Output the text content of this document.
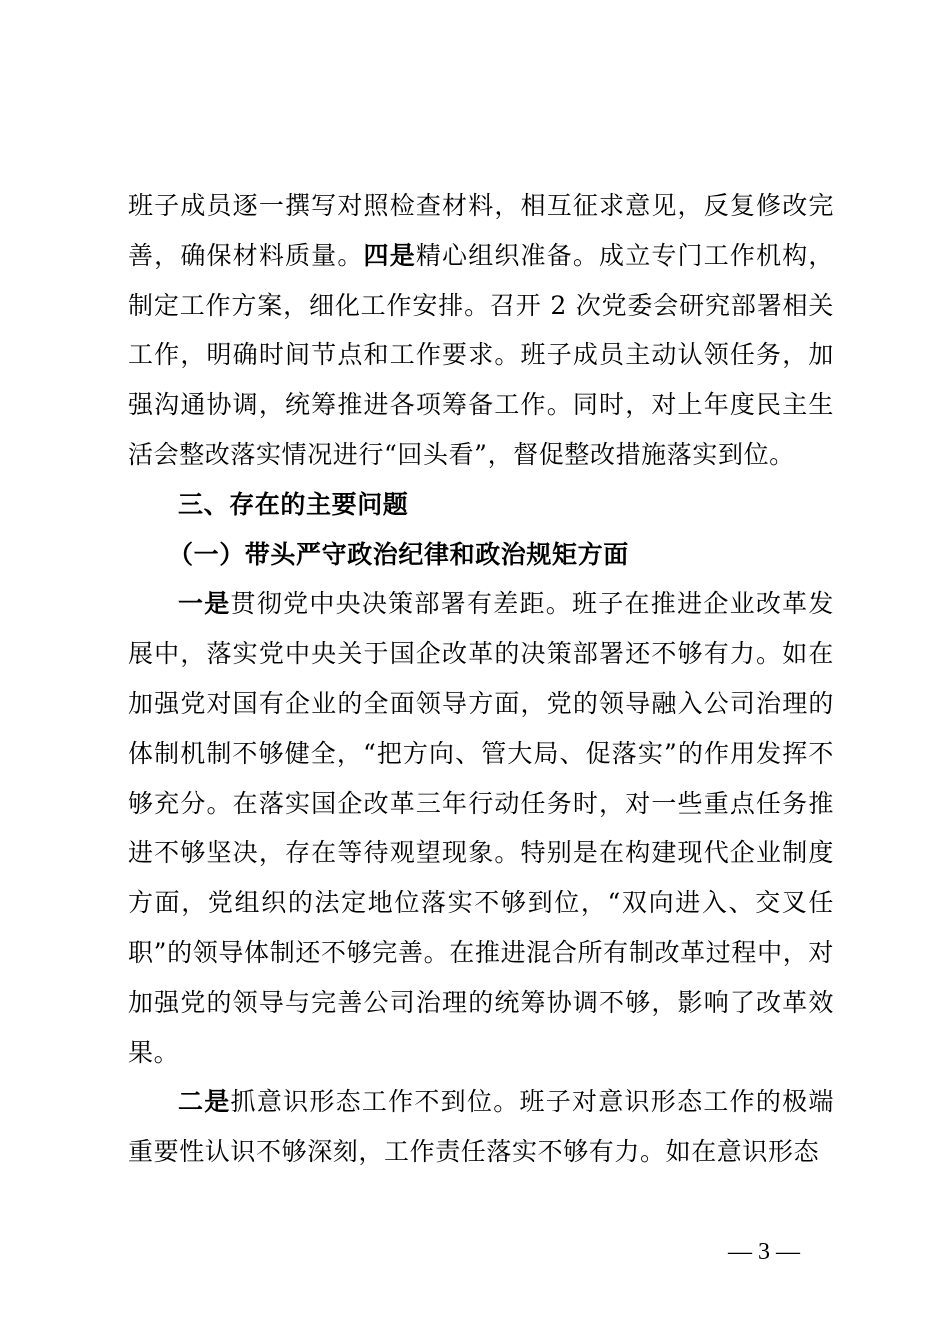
班子成员逐一撰写对照检查材料，相互征求意见，反复修改完善，确保材料质量。四是精心组织准备。成立专门工作机构，制定工作方案，细化工作安排。召开 2 次党委会研究部署相关工作，明确时间节点和工作要求。班子成员主动认领任务，加强沟通协调，统筹推进各项筹备工作。同时，对上年度民主生活会整改落实情况进行“回头看”，督促整改措施落实到位。

三、存在的主要问题

（一）带头严守政治纪律和政治规矩方面

一是贯彻党中央决策部署有差距。班子在推进企业改革发展中，落实党中央关于国企改革的决策部署还不够有力。如在加强党对国有企业的全面领导方面，党的领导融入公司治理的体制机制不够健全，“把方向、管大局、促落实”的作用发挥不够充分。在落实国企改革三年行动任务时，对一些重点任务推进不够坚决，存在等待观望现象。特别是在构建现代企业制度方面，党组织的法定地位落实不够到位，“双向进入、交叉任职”的领导体制还不够完善。在推进混合所有制改革过程中，对加强党的领导与完善公司治理的统筹协调不够，影响了改革效果。

二是抓意识形态工作不到位。班子对意识形态工作的极端重要性认识不够深刻，工作责任落实不够有力。如在意识形态

— 3 —
